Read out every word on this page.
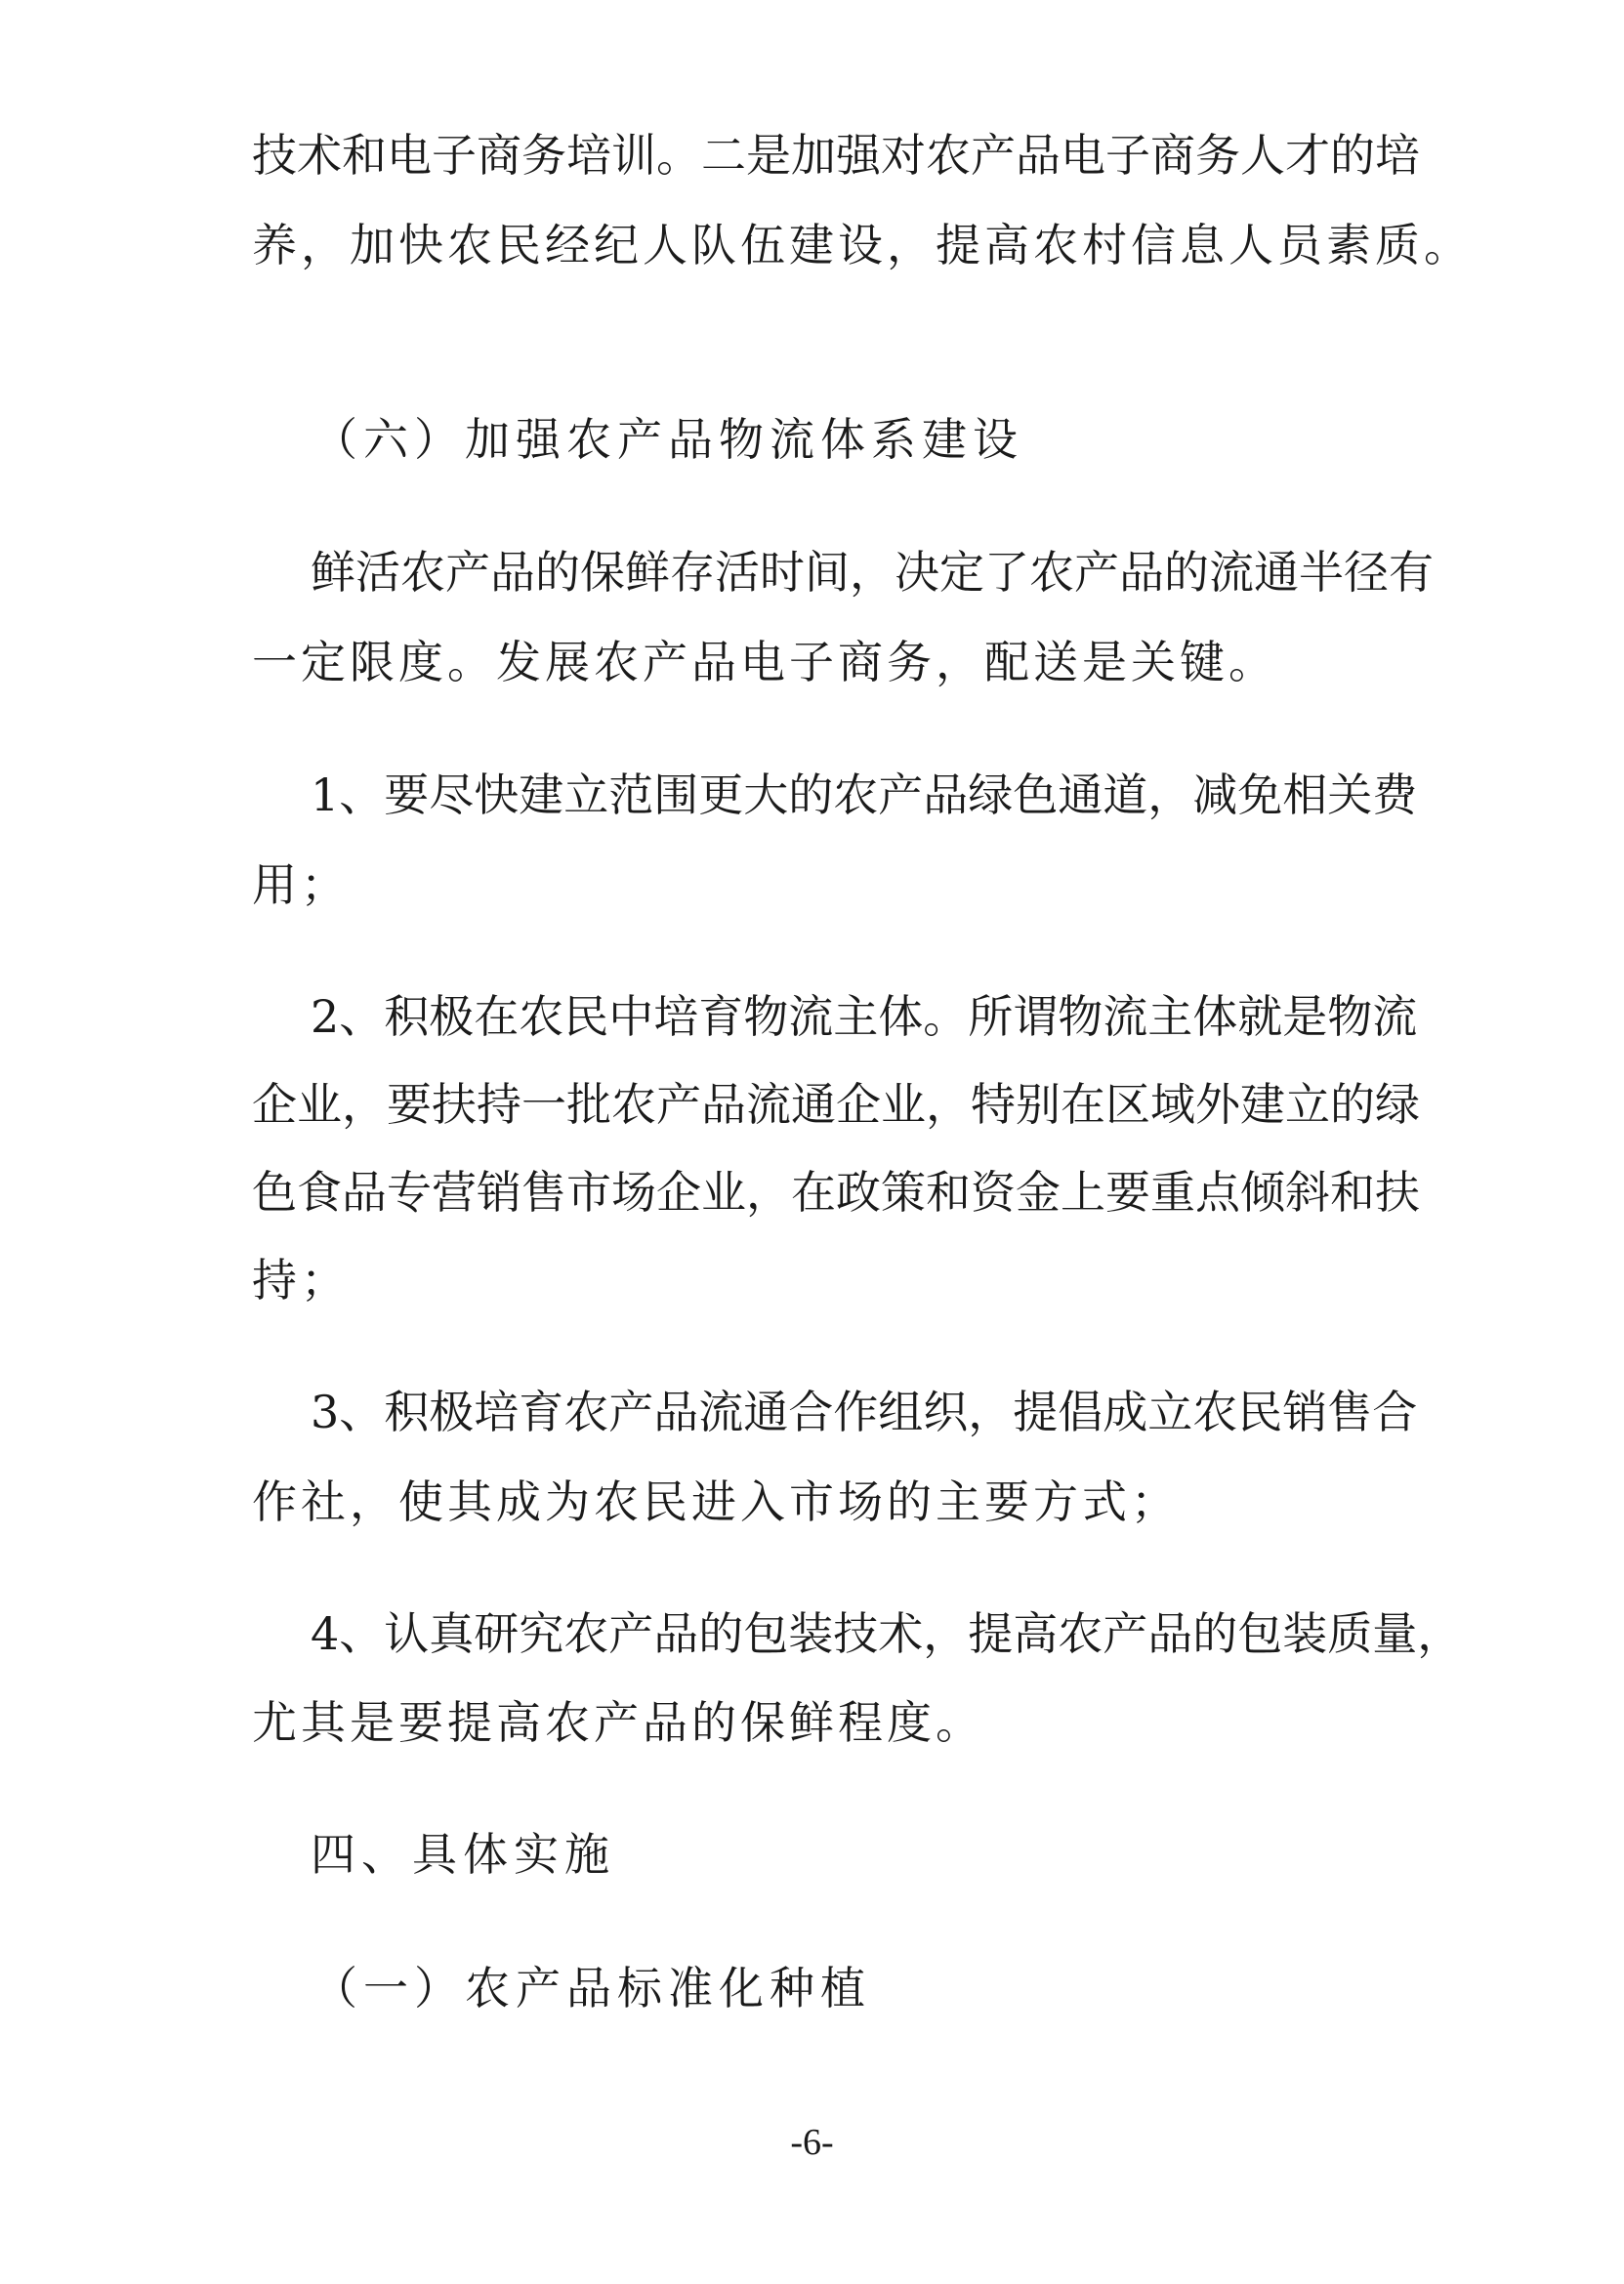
技术和电子商务培训。二是加强对农产品电子商务人才的培
养，加快农民经纪人队伍建设，提高农村信息人员素质。
（六）加强农产品物流体系建设
鲜活农产品的保鲜存活时间，决定了农产品的流通半径有
一定限度。发展农产品电子商务，配送是关键。
1、要尽快建立范围更大的农产品绿色通道，减免相关费
用；
2、积极在农民中培育物流主体。所谓物流主体就是物流
企业，要扶持一批农产品流通企业，特别在区域外建立的绿
色食品专营销售市场企业，在政策和资金上要重点倾斜和扶
持；
3、积极培育农产品流通合作组织，提倡成立农民销售合
作社，使其成为农民进入市场的主要方式；
4、认真研究农产品的包装技术，提高农产品的包装质量，
尤其是要提高农产品的保鲜程度。
四、具体实施
（一）农产品标准化种植
-6-
